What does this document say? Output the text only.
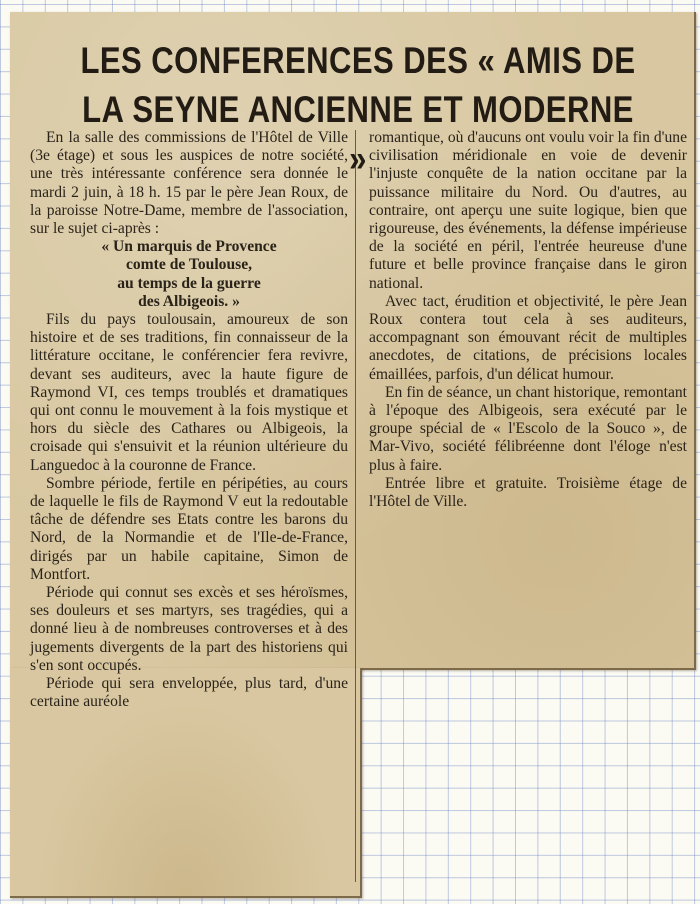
LES CONFERENCES DES « AMIS DE LA SEYNE ANCIENNE ET MODERNE »

En la salle des commissions de l'Hôtel de Ville (3e étage) et sous les auspices de notre société, une très intéressante conférence sera donnée le mardi 2 juin, à 18 h. 15 par le père Jean Roux, de la paroisse Notre-Dame, membre de l'association, sur le sujet ci-après :

« Un marquis de Provence
comte de Toulouse,
au temps de la guerre
des Albigeois. »

Fils du pays toulousain, amoureux de son histoire et de ses traditions, fin connaisseur de la littérature occitane, le conférencier fera revivre, devant ses auditeurs, avec la haute figure de Raymond VI, ces temps troublés et dramatiques qui ont connu le mouvement à la fois mystique et hors du siècle des Cathares ou Albigeois, la croisade qui s'ensuivit et la réunion ultérieure du Languedoc à la couronne de France.

Sombre période, fertile en péripéties, au cours de laquelle le fils de Raymond V eut la redoutable tâche de défendre ses Etats contre les barons du Nord, de la Normandie et de l'Ile-de-France, dirigés par un habile capitaine, Simon de Montfort.

Période qui connut ses excès et ses héroïsmes, ses douleurs et ses martyrs, ses tragédies, qui a donné lieu à de nombreuses controverses et à des jugements divergents de la part des historiens qui s'en sont occupés.

Période qui sera enveloppée, plus tard, d'une certaine auréole

romantique, où d'aucuns ont voulu voir la fin d'une civilisation méridionale en voie de devenir l'injuste conquête de la nation occitane par la puissance militaire du Nord. Ou d'autres, au contraire, ont aperçu une suite logique, bien que rigoureuse, des événements, la défense impérieuse de la société en péril, l'entrée heureuse d'une future et belle province française dans le giron national.

Avec tact, érudition et objectivité, le père Jean Roux contera tout cela à ses auditeurs, accompagnant son émouvant récit de multiples anecdotes, de citations, de précisions locales émaillées, parfois, d'un délicat humour.

En fin de séance, un chant historique, remontant à l'époque des Albigeois, sera exécuté par le groupe spécial de « l'Escolo de la Souco », de Mar-Vivo, société félibréenne dont l'éloge n'est plus à faire.

Entrée libre et gratuite. Troisième étage de l'Hôtel de Ville.
